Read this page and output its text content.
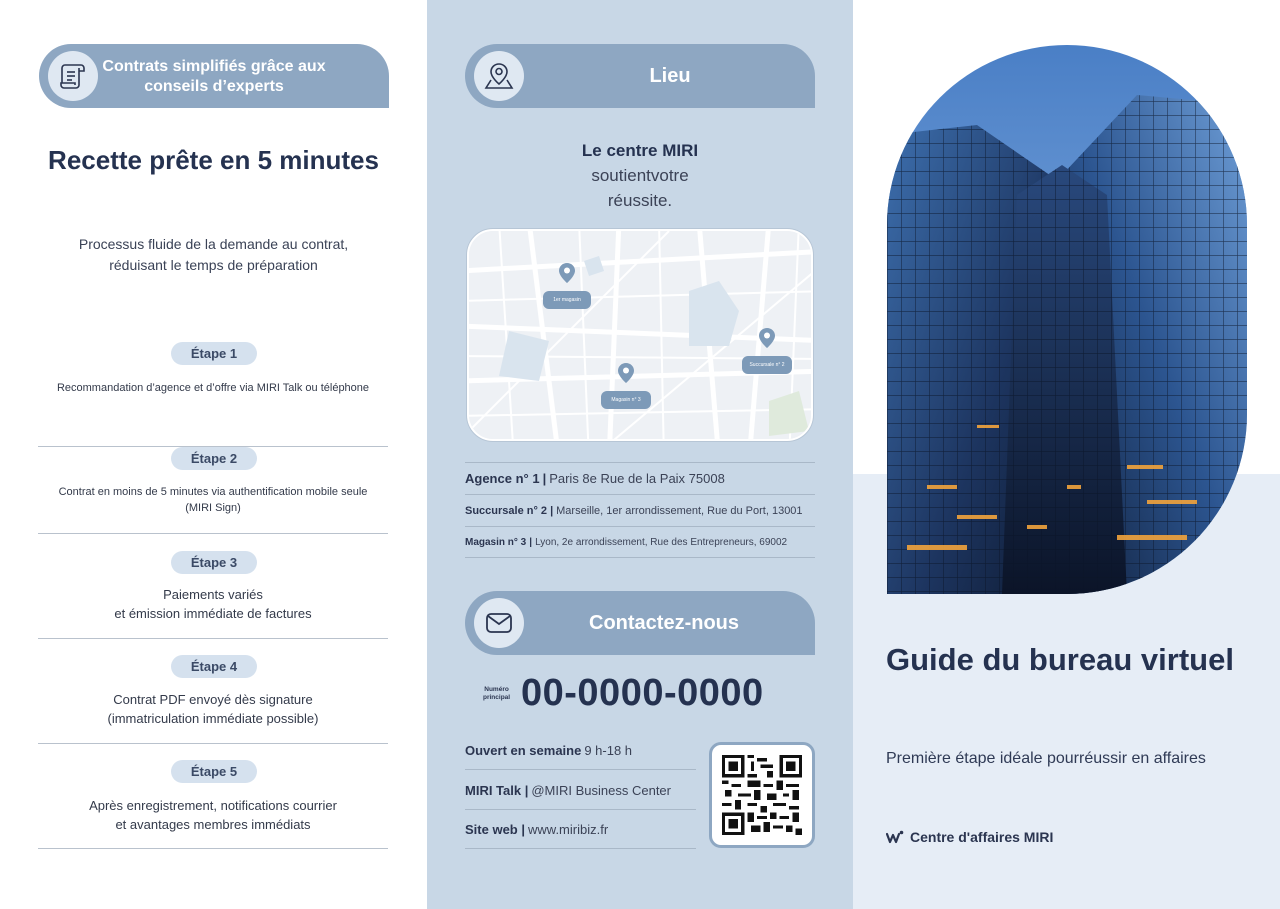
Contrats simplifiés grâce aux
conseils d’experts
Recette prête en 5 minutes
Processus fluide de la demande au contrat,
réduisant le temps de préparation
Étape 1
Recommandation d’agence et d’offre via MIRI Talk ou téléphone
Étape 2
Contrat en moins de 5 minutes via authentification mobile seule
(MIRI Sign)
Étape 3
Paiements variés
et émission immédiate de factures
Étape 4
Contrat PDF envoyé dès signature
(immatriculation immédiate possible)
Étape 5
Après enregistrement, notifications courrier
et avantages membres immédiats
Lieu
Le centre MIRI
soutientvotre
réussite.
1er magasin
Succursale n° 2
Magasin n° 3
Agence n° 1 | Paris 8e Rue de la Paix 75008
Succursale n° 2 | Marseille, 1er arrondissement, Rue du Port, 13001
Magasin n° 3 | Lyon, 2e arrondissement, Rue des Entrepreneurs, 69002
Contactez-nous
Numéro
principal 00-0000-0000
Ouvert en semaine 9 h-18 h
MIRI Talk | @MIRI Business Center
Site web | www.miribiz.fr
Guide du bureau virtuel
Première étape idéale pourréussir en affaires
Centre d'affaires MIRI
